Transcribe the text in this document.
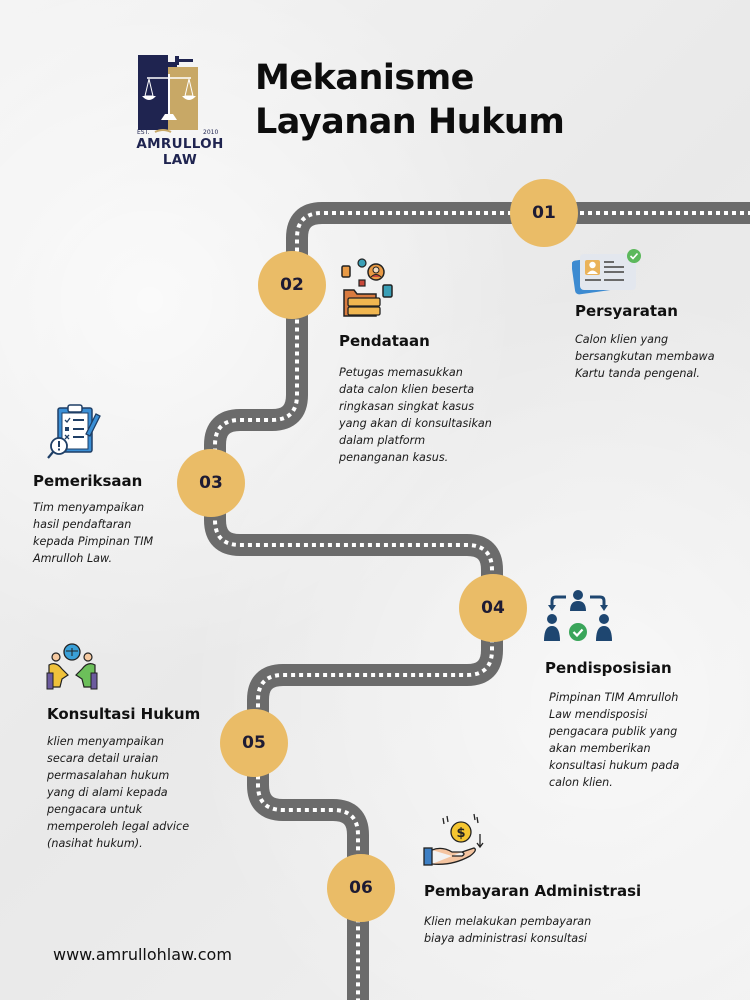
EST.	2010
AMRULLOH LAW
Mekanisme
Layanan Hukum
01
02
03
04
05
06
Persyaratan
Calon klien yang
bersangkutan membawa
Kartu tanda pengenal.
Pendataan
Petugas memasukkan
data calon klien beserta
ringkasan singkat kasus
yang akan di konsultasikan
dalam platform
penanganan kasus.
Pemeriksaan
Tim menyampaikan
hasil pendaftaran
kepada Pimpinan TIM
Amrulloh Law.
Pendisposisian
Pimpinan TIM Amrulloh
Law mendisposisi
pengacara publik yang
akan memberikan
konsultasi hukum pada
calon klien.
Konsultasi Hukum
klien menyampaikan
secara detail uraian
permasalahan hukum
yang di alami kepada
pengacara untuk
memperoleh legal advice
(nasihat hukum).
$
Pembayaran Administrasi
Klien melakukan pembayaran
biaya administrasi konsultasi
www.amrullohlaw.com
